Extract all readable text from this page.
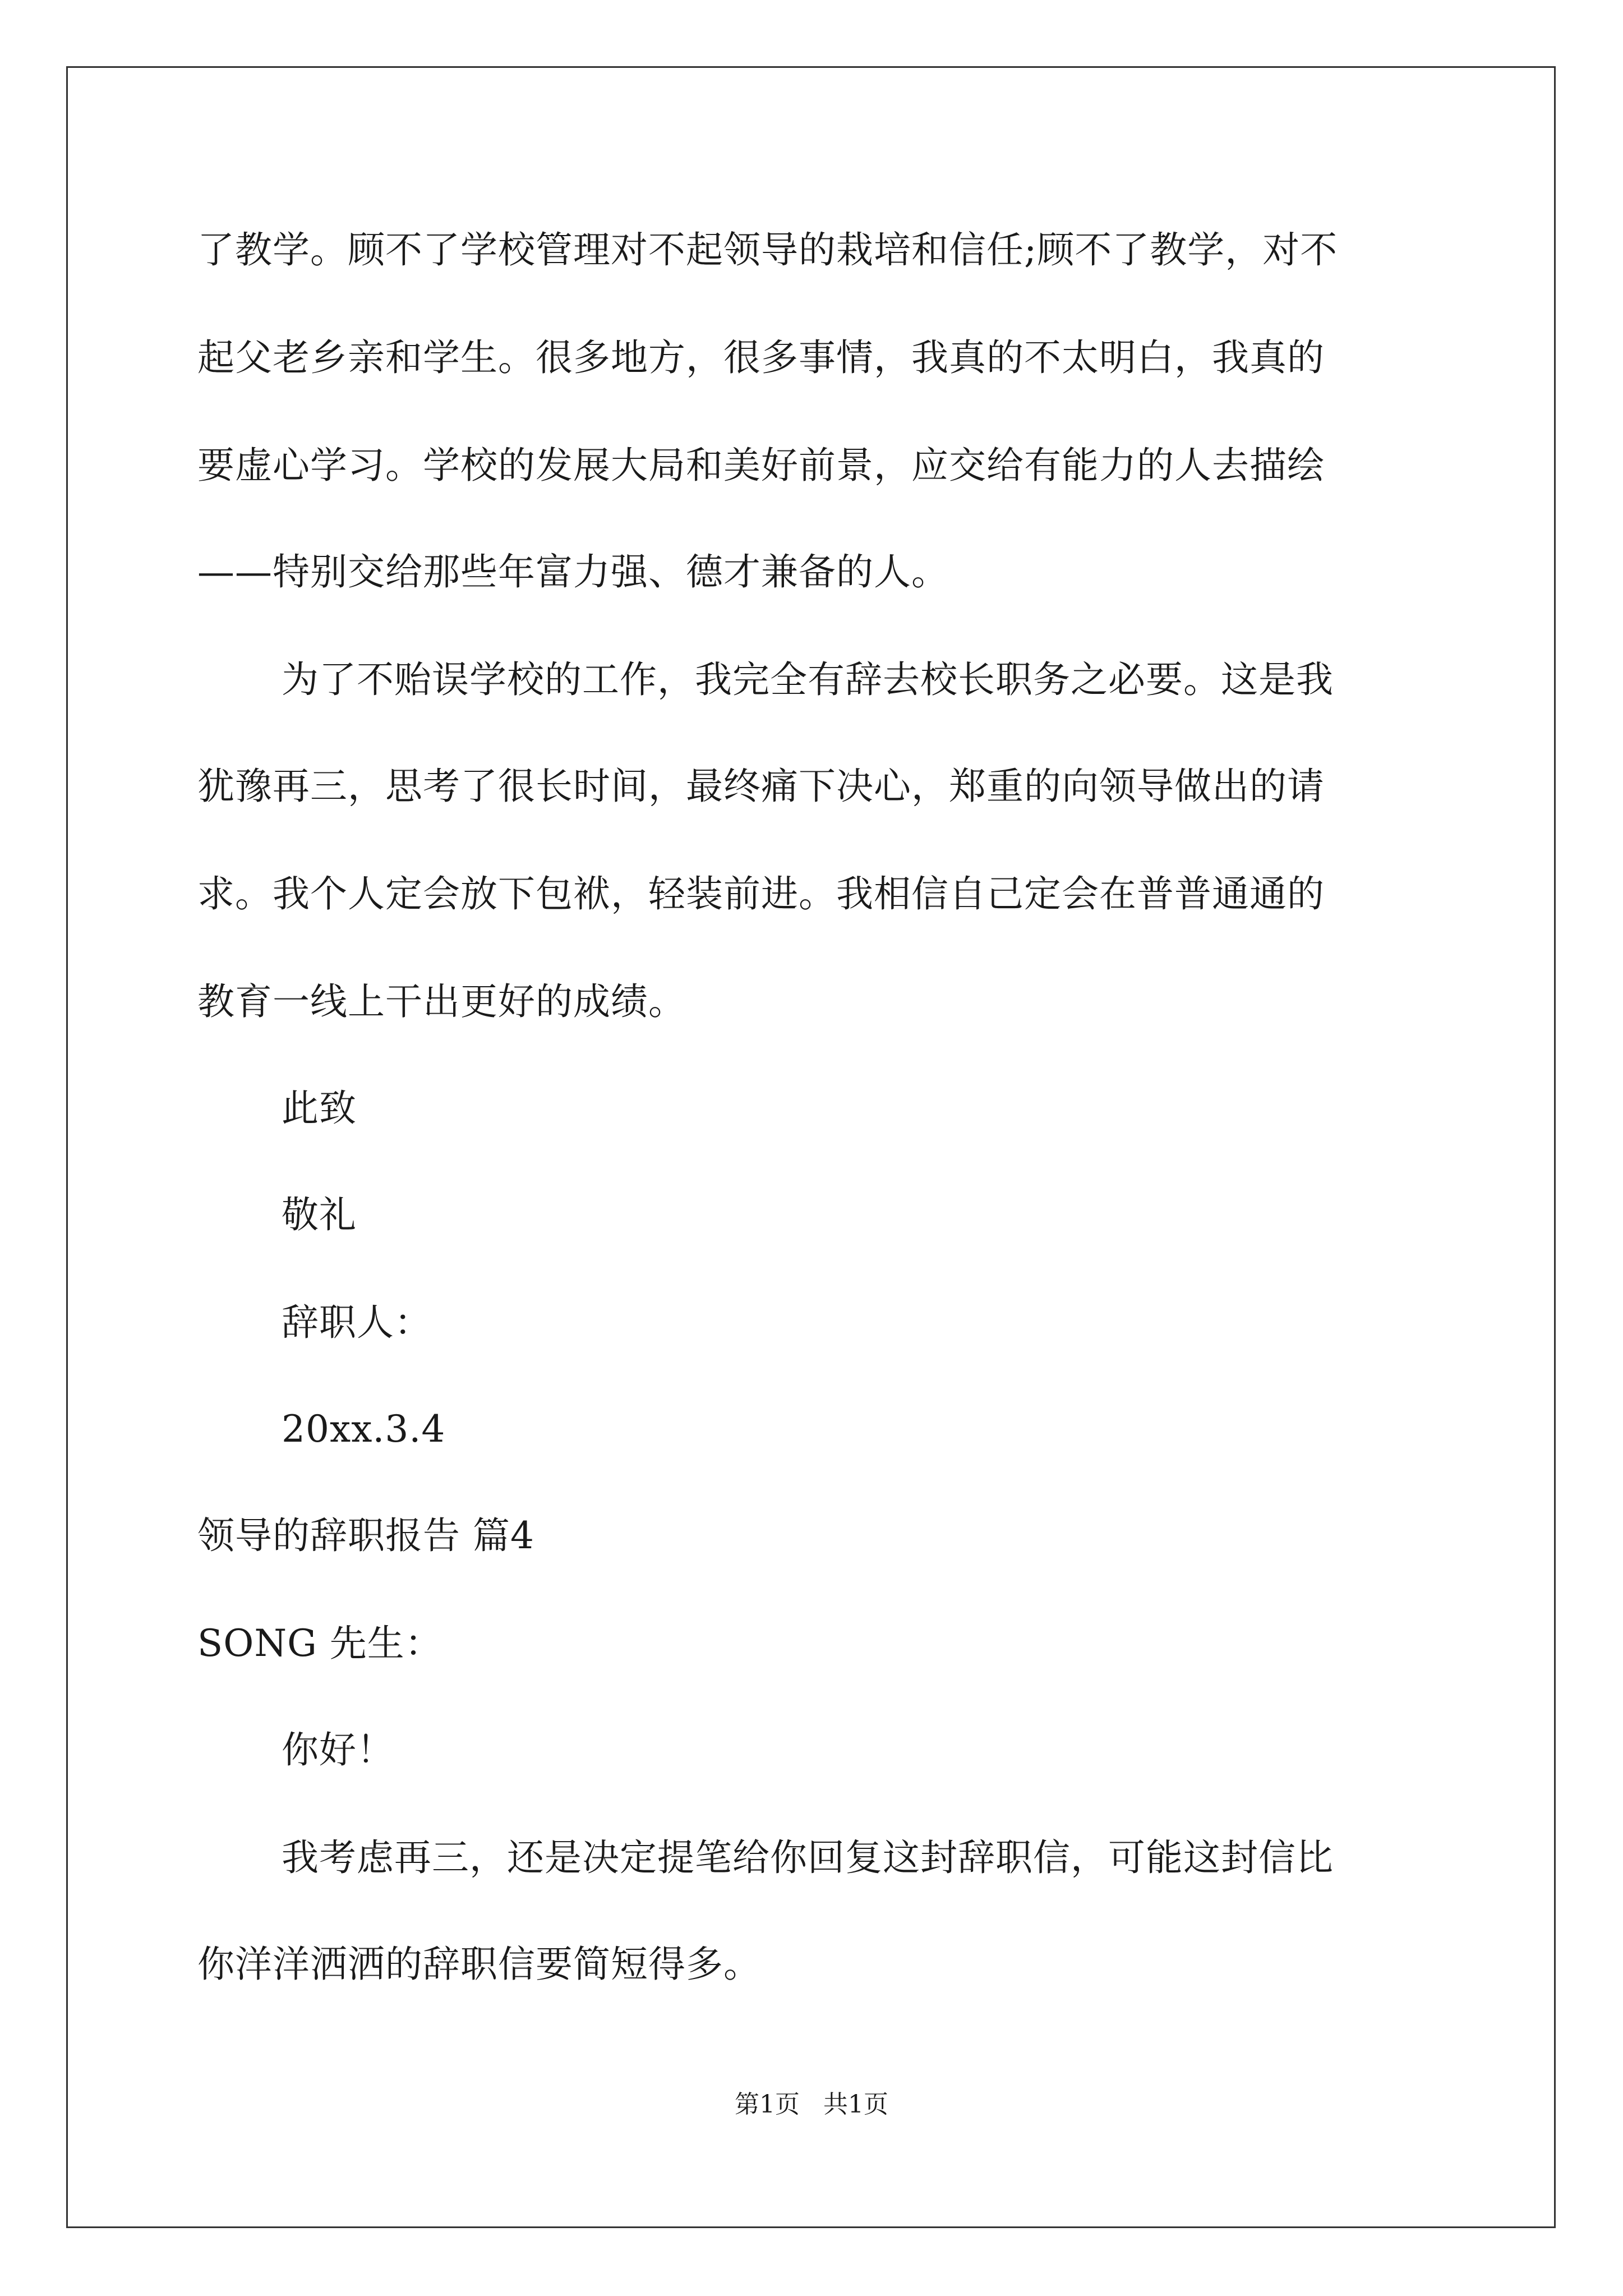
了教学。顾不了学校管理对不起领导的栽培和信任;顾不了教学，对不
起父老乡亲和学生。很多地方，很多事情，我真的不太明白，我真的
要虚心学习。学校的发展大局和美好前景，应交给有能力的人去描绘
——特别交给那些年富力强、德才兼备的人。
为了不贻误学校的工作，我完全有辞去校长职务之必要。这是我
犹豫再三，思考了很长时间，最终痛下决心，郑重的向领导做出的请
求。我个人定会放下包袱，轻装前进。我相信自己定会在普普通通的
教育一线上干出更好的成绩。
此致
敬礼
辞职人：
20xx.3.4
领导的辞职报告 篇4
SONG 先生：
你好！
我考虑再三，还是决定提笔给你回复这封辞职信，可能这封信比
你洋洋洒洒的辞职信要简短得多。
第1页   共1页
